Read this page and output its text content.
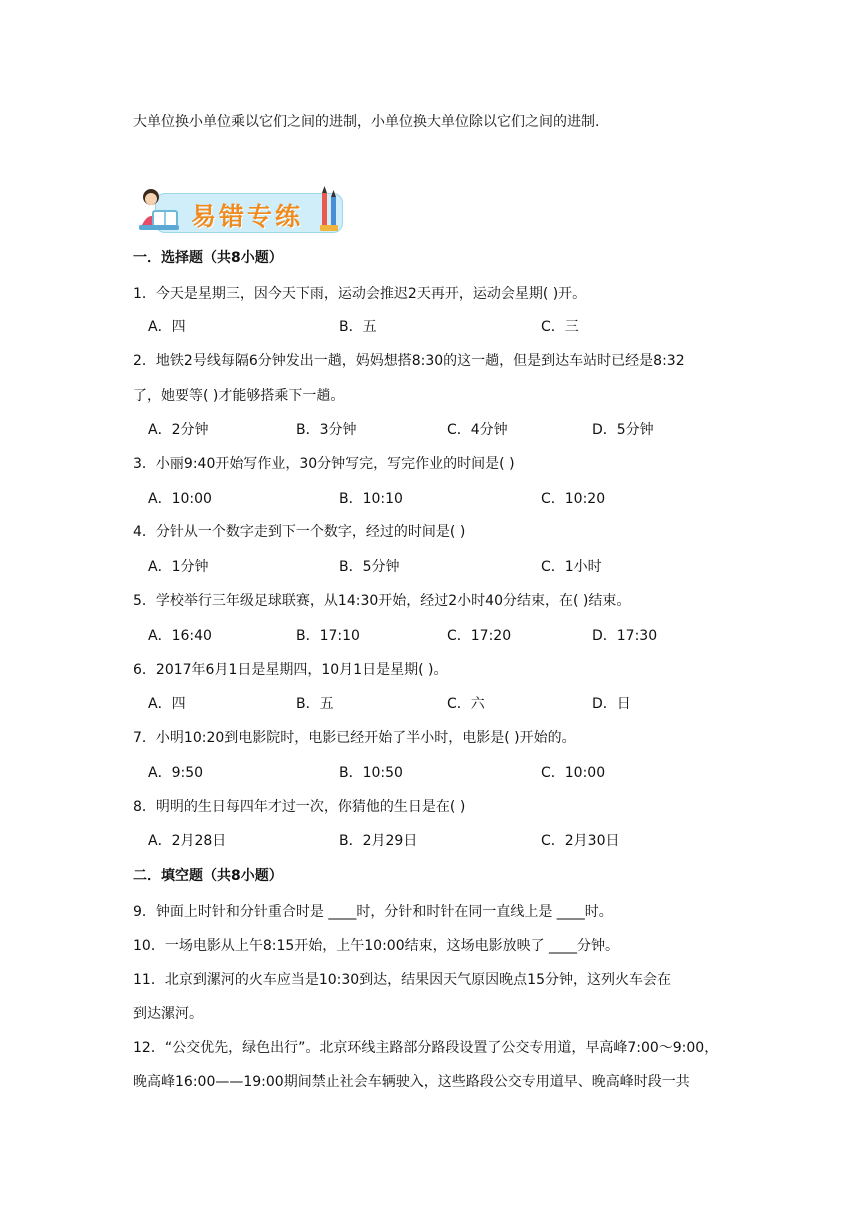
大单位换小单位乘以它们之间的进制，小单位换大单位除以它们之间的进制.
易错专练
一．选择题（共8小题）
1．今天是星期三，因今天下雨，运动会推迟2天再开，运动会星期( )开。
A．四	B．五	C．三
2．地铁2号线每隔6分钟发出一趟，妈妈想搭8:30的这一趟，但是到达车站时已经是8:32
了，她要等( )才能够搭乘下一趟。
A．2分钟	B．3分钟	C．4分钟	D．5分钟
3．小丽9:40开始写作业，30分钟写完，写完作业的时间是( )
A．10:00	B．10:10	C．10:20
4．分针从一个数字走到下一个数字，经过的时间是( )
A．1分钟	B．5分钟	C．1小时
5．学校举行三年级足球联赛，从14:30开始，经过2小时40分结束，在( )结束。
A．16:40	B．17:10	C．17:20	D．17:30
6．2017年6月1日是星期四，10月1日是星期( )。
A．四	B．五	C．六	D．日
7．小明10:20到电影院时，电影已经开始了半小时，电影是( )开始的。
A．9:50	B．10:50	C．10:00
8．明明的生日每四年才过一次，你猜他的生日是在( )
A．2月28日	B．2月29日	C．2月30日
二．填空题（共8小题）
9．钟面上时针和分针重合时是 ____时，分针和时针在同一直线上是 ____时。
10．一场电影从上午8:15开始，上午10:00结束，这场电影放映了 ____分钟。
11．北京到漯河的火车应当是10:30到达，结果因天气原因晚点15分钟，这列火车会在
到达漯河。
12．“公交优先，绿色出行”。北京环线主路部分路段设置了公交专用道，早高峰7:00～9:00，
晚高峰16:00——19:00期间禁止社会车辆驶入，这些路段公交专用道早、晚高峰时段一共
